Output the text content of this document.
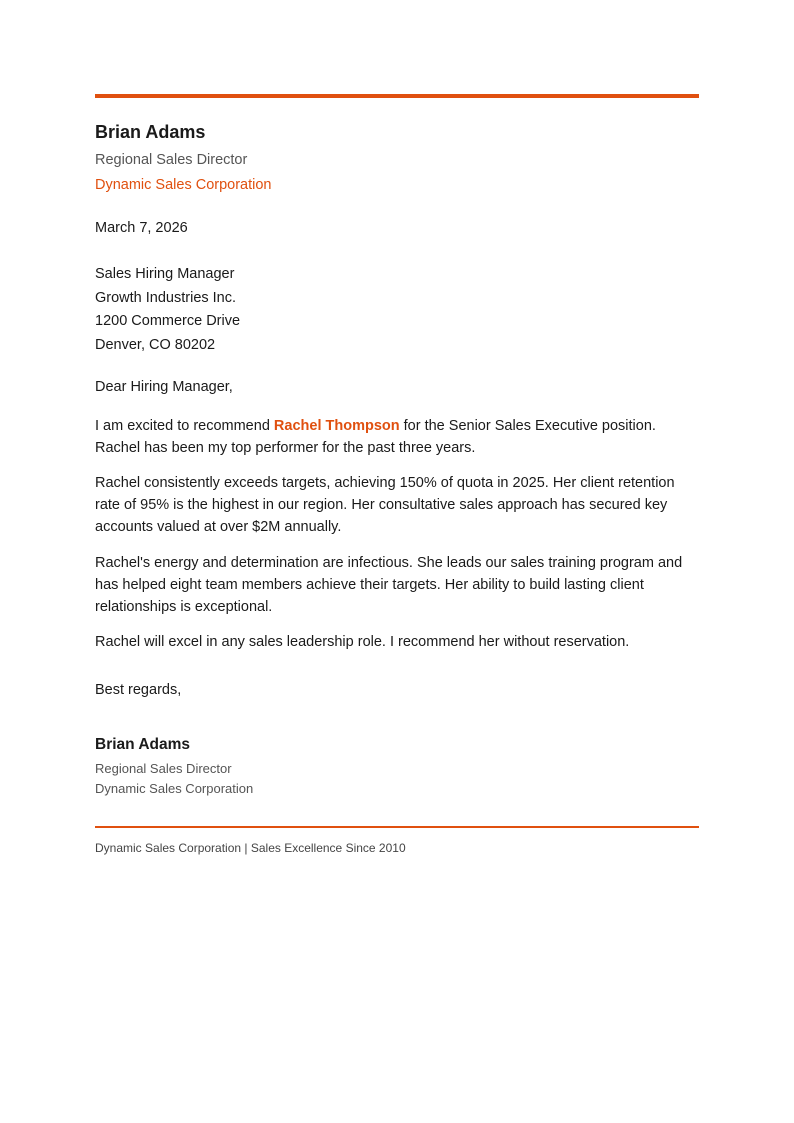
Brian Adams
Regional Sales Director
Dynamic Sales Corporation
March 7, 2026
Sales Hiring Manager
Growth Industries Inc.
1200 Commerce Drive
Denver, CO 80202
Dear Hiring Manager,

I am excited to recommend Rachel Thompson for the Senior Sales Executive position. Rachel has been my top performer for the past three years.

Rachel consistently exceeds targets, achieving 150% of quota in 2025. Her client retention rate of 95% is the highest in our region. Her consultative sales approach has secured key accounts valued at over $2M annually.

Rachel's energy and determination are infectious. She leads our sales training program and has helped eight team members achieve their targets. Her ability to build lasting client relationships is exceptional.

Rachel will excel in any sales leadership role. I recommend her without reservation.

Best regards,
Brian Adams
Regional Sales Director
Dynamic Sales Corporation
Dynamic Sales Corporation | Sales Excellence Since 2010
